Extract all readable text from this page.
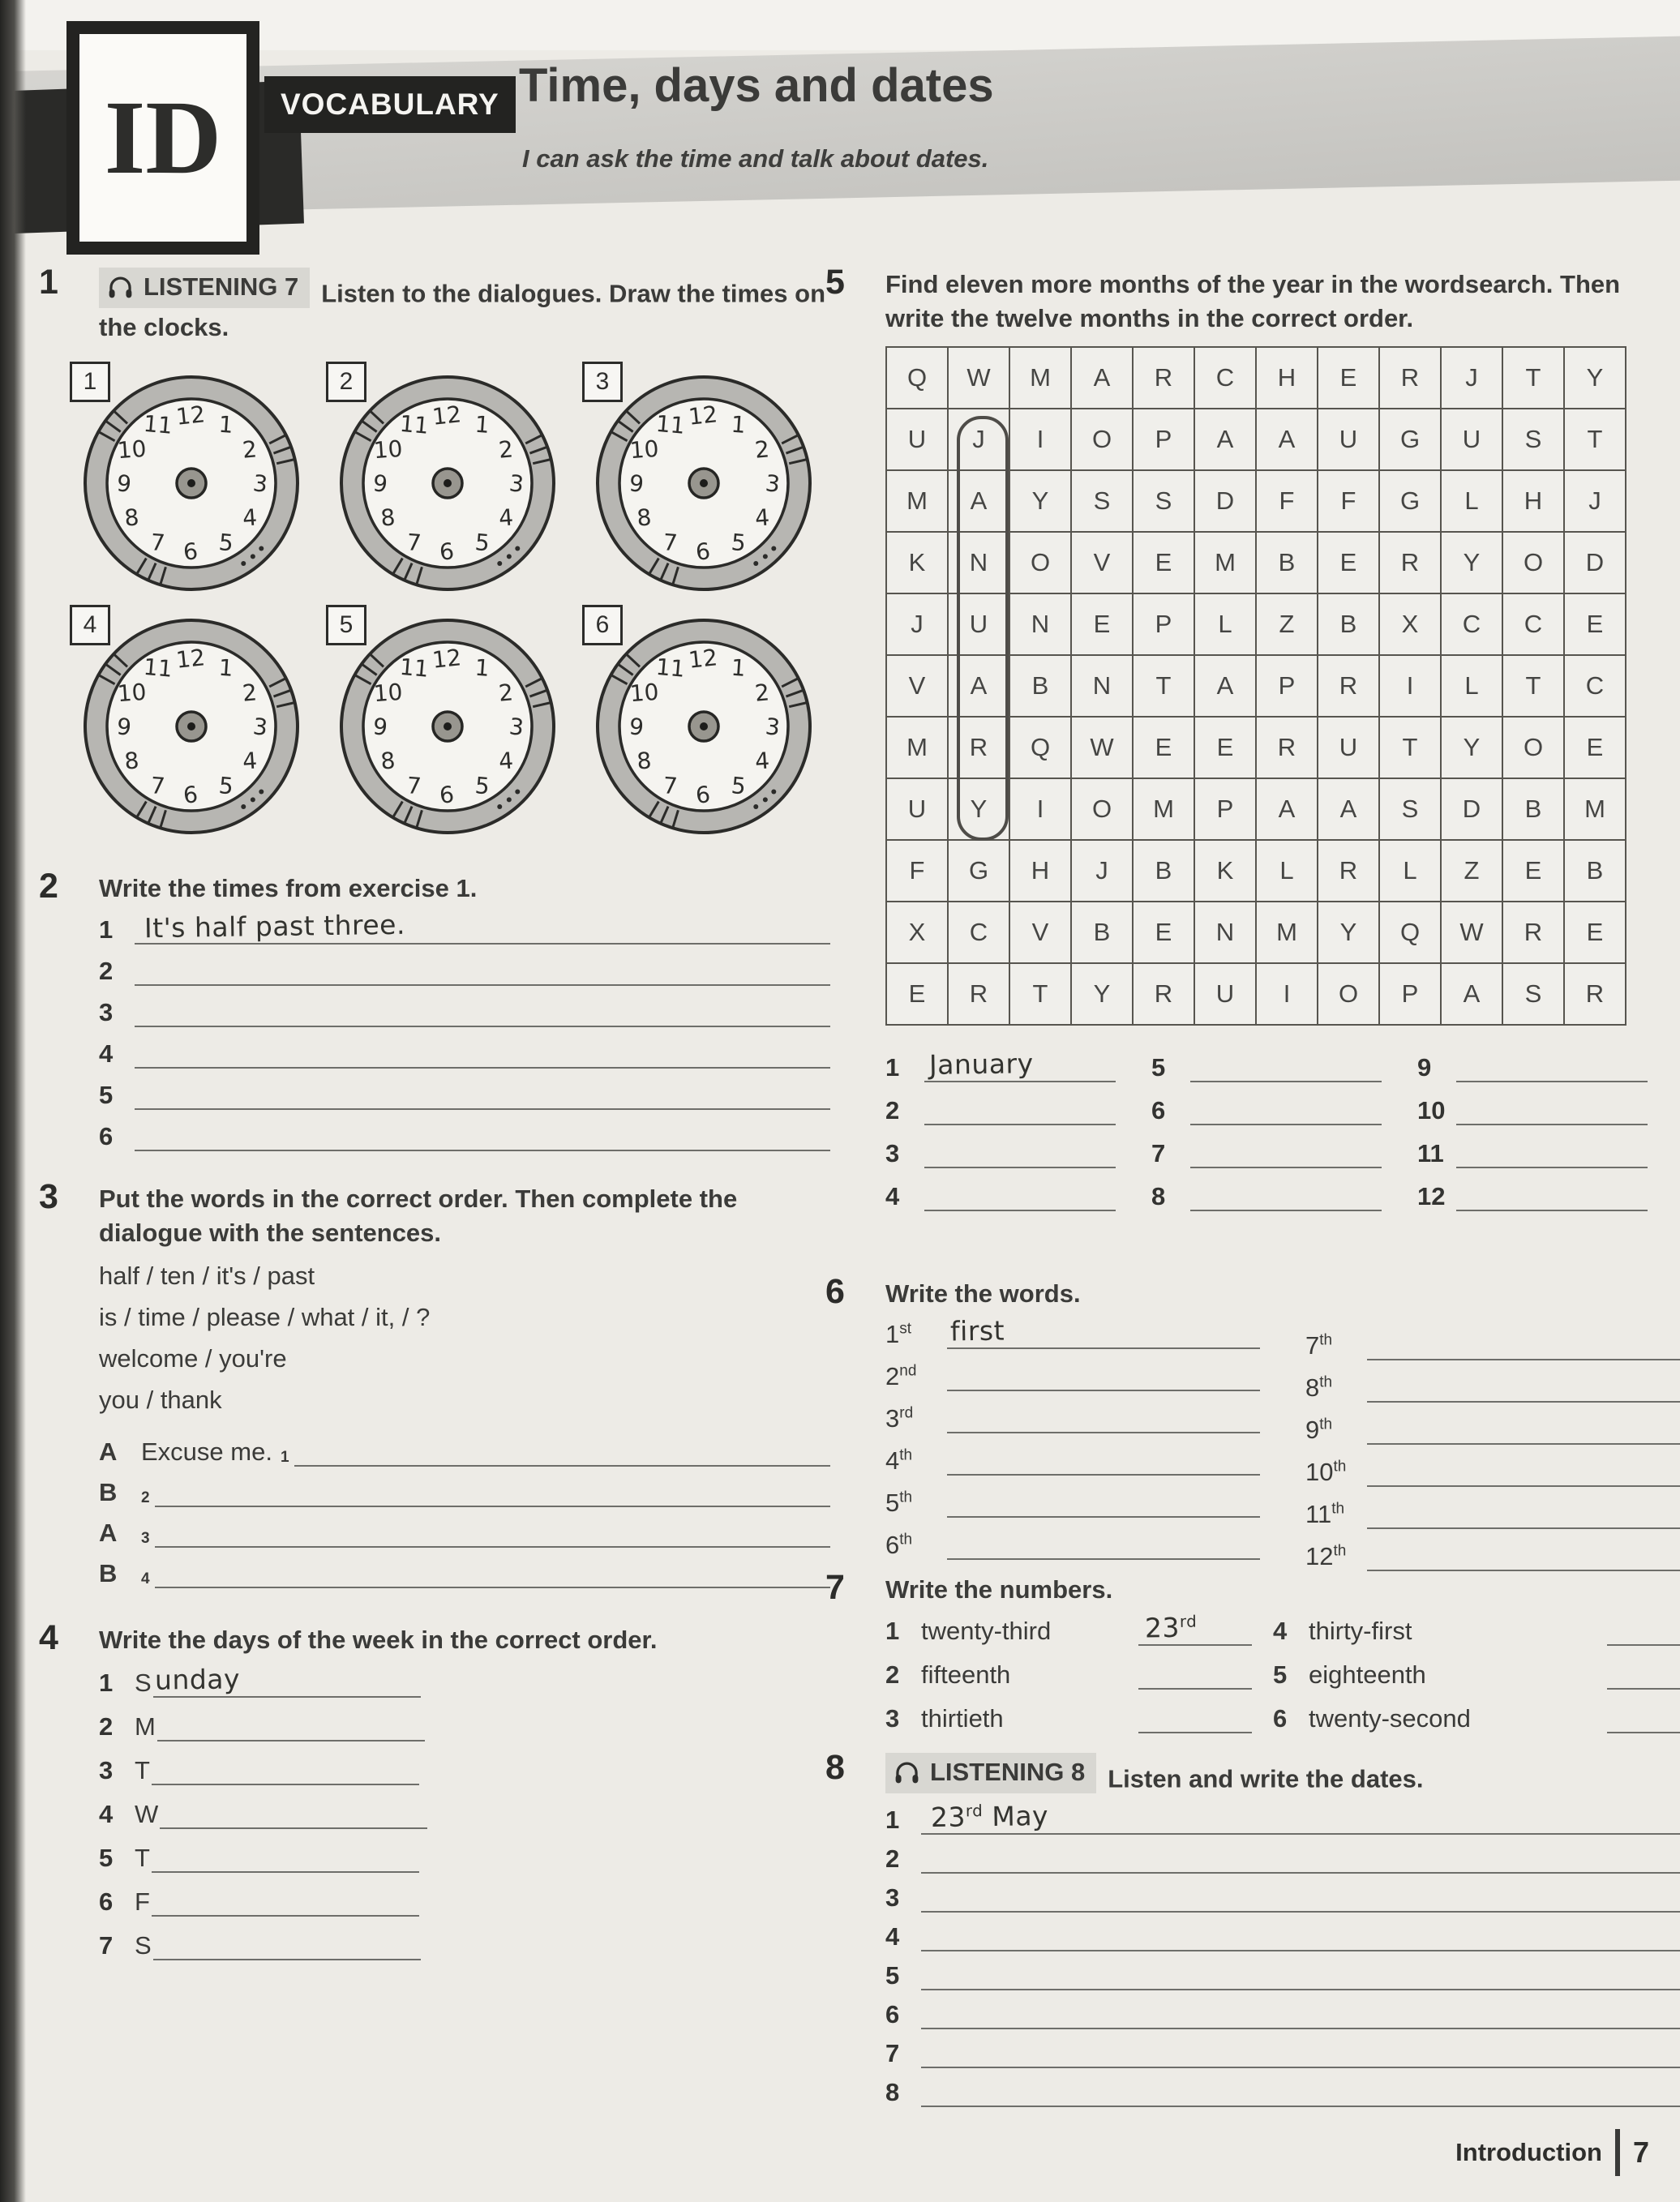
ID	VOCABULARY Time, days and dates

I can ask the time and talk about dates.

1	LISTENING 7 Listen to the dialogues. Draw the times on the clocks.

1
12 1
2
3
4
5
6
7
8
9
10
11
2
12 1
2
3
4
5
6
7
8
9
10
11
3
12 1
2
3
4
5
6
7
8
9
10
11
4
12 1
2
3
4
5
6
7
8
9
10
11
5
12 1
2
3
4
5
6
7
8
9
10
11
6
12 1
2
3
4
5
6
7
8
9
10
11
2 Write the times from exercise 1.

1	It's half past three.
2
3
4
5
6
3 Put the words in the correct order. Then complete the dialogue with the sentences.

half / ten / it's / past

is / time / please / what / it, / ?

welcome / you're

you / thank

A Excuse me. $_1$
B	$_2$
A	$_3$
B	$_4$
4 Write the days of the week in the correct order.

1 S unday
2 M
3 T
4 W
5 T
6 F
7 S
5 Find eleven more months of the year in the wordsearch. Then write the twelve months in the correct order.

Q	W	M	A	R	C	H	E	R	J	T	Y
U	J	I	O	P	A	A	U	G	U	S	T
M	A	Y	S	S	D	F	F	G	L	H	J
K	N	O	V	E	M	B	E	R	Y	O	D
J	U	N	E	P	L	Z	B	X	C	C	E
V	A	B	N	T	A	P	R	I	L	T	C
M	R	Q	W	E	E	R	U	T	Y	O	E
U	Y	I	O	M	P	A	A	S	D	B	M
F	G	H	J	B	K	L	R	L	Z	E	B
X	C	V	B	E	N	M	Y	Q	W	R	E
E	R	T	Y	R	U	I	O	P	A	S	R
1	January
2
3
4
5
6
7
8
9
10
11
12
6 Write the words.

1st	first
2nd
3rd
4th
5th
6th
7th
8th
9th
10th
11th
12th
7 Write the numbers.

1 twenty-third	23rd
2 fifteenth
3 thirtieth
4 thirty-first
5 eighteenth
6 twenty-second
8	LISTENING 8 Listen and write the dates.

1	23rd May
2
3
4
5
6
7
8
Introduction 7
